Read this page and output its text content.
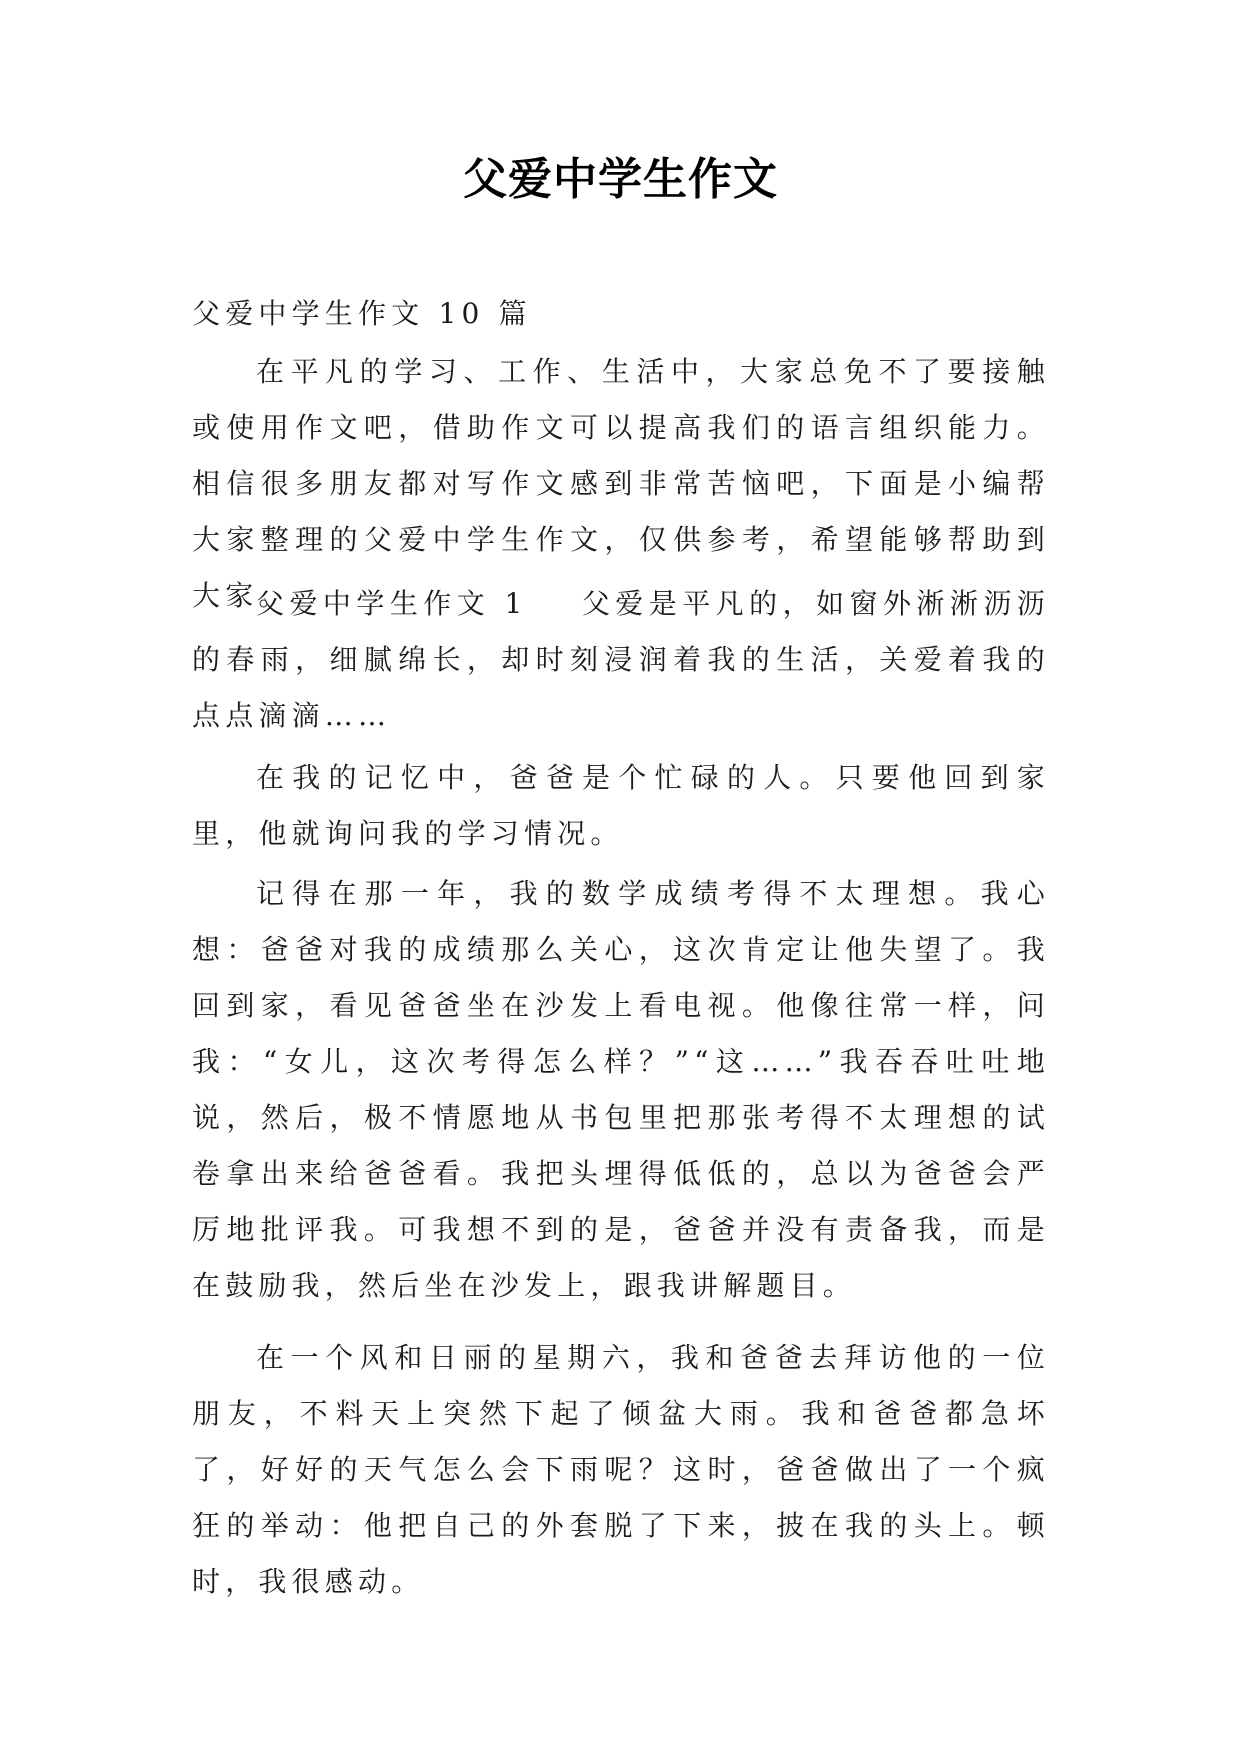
父爱中学生作文
父爱中学生作文 10 篇
在平凡的学习、工作、生活中，大家总免不了要接触或使用作文吧，借助作文可以提高我们的语言组织能力。相信很多朋友都对写作文感到非常苦恼吧，下面是小编帮大家整理的父爱中学生作文，仅供参考，希望能够帮助到大家。
父爱中学生作文 1 父爱是平凡的，如窗外淅淅沥沥的春雨，细腻绵长，却时刻浸润着我的生活，关爱着我的点点滴滴……
在我的记忆中，爸爸是个忙碌的人。只要他回到家里，他就询问我的学习情况。
记得在那一年，我的数学成绩考得不太理想。我心想：爸爸对我的成绩那么关心，这次肯定让他失望了。我回到家，看见爸爸坐在沙发上看电视。他像往常一样，问我：“女儿，这次考得怎么样？”“这……”我吞吞吐吐地说，然后，极不情愿地从书包里把那张考得不太理想的试卷拿出来给爸爸看。我把头埋得低低的，总以为爸爸会严厉地批评我。可我想不到的是，爸爸并没有责备我，而是在鼓励我，然后坐在沙发上，跟我讲解题目。
在一个风和日丽的星期六，我和爸爸去拜访他的一位朋友，不料天上突然下起了倾盆大雨。我和爸爸都急坏了，好好的天气怎么会下雨呢？这时，爸爸做出了一个疯狂的举动：他把自己的外套脱了下来，披在我的头上。顿时，我很感动。
